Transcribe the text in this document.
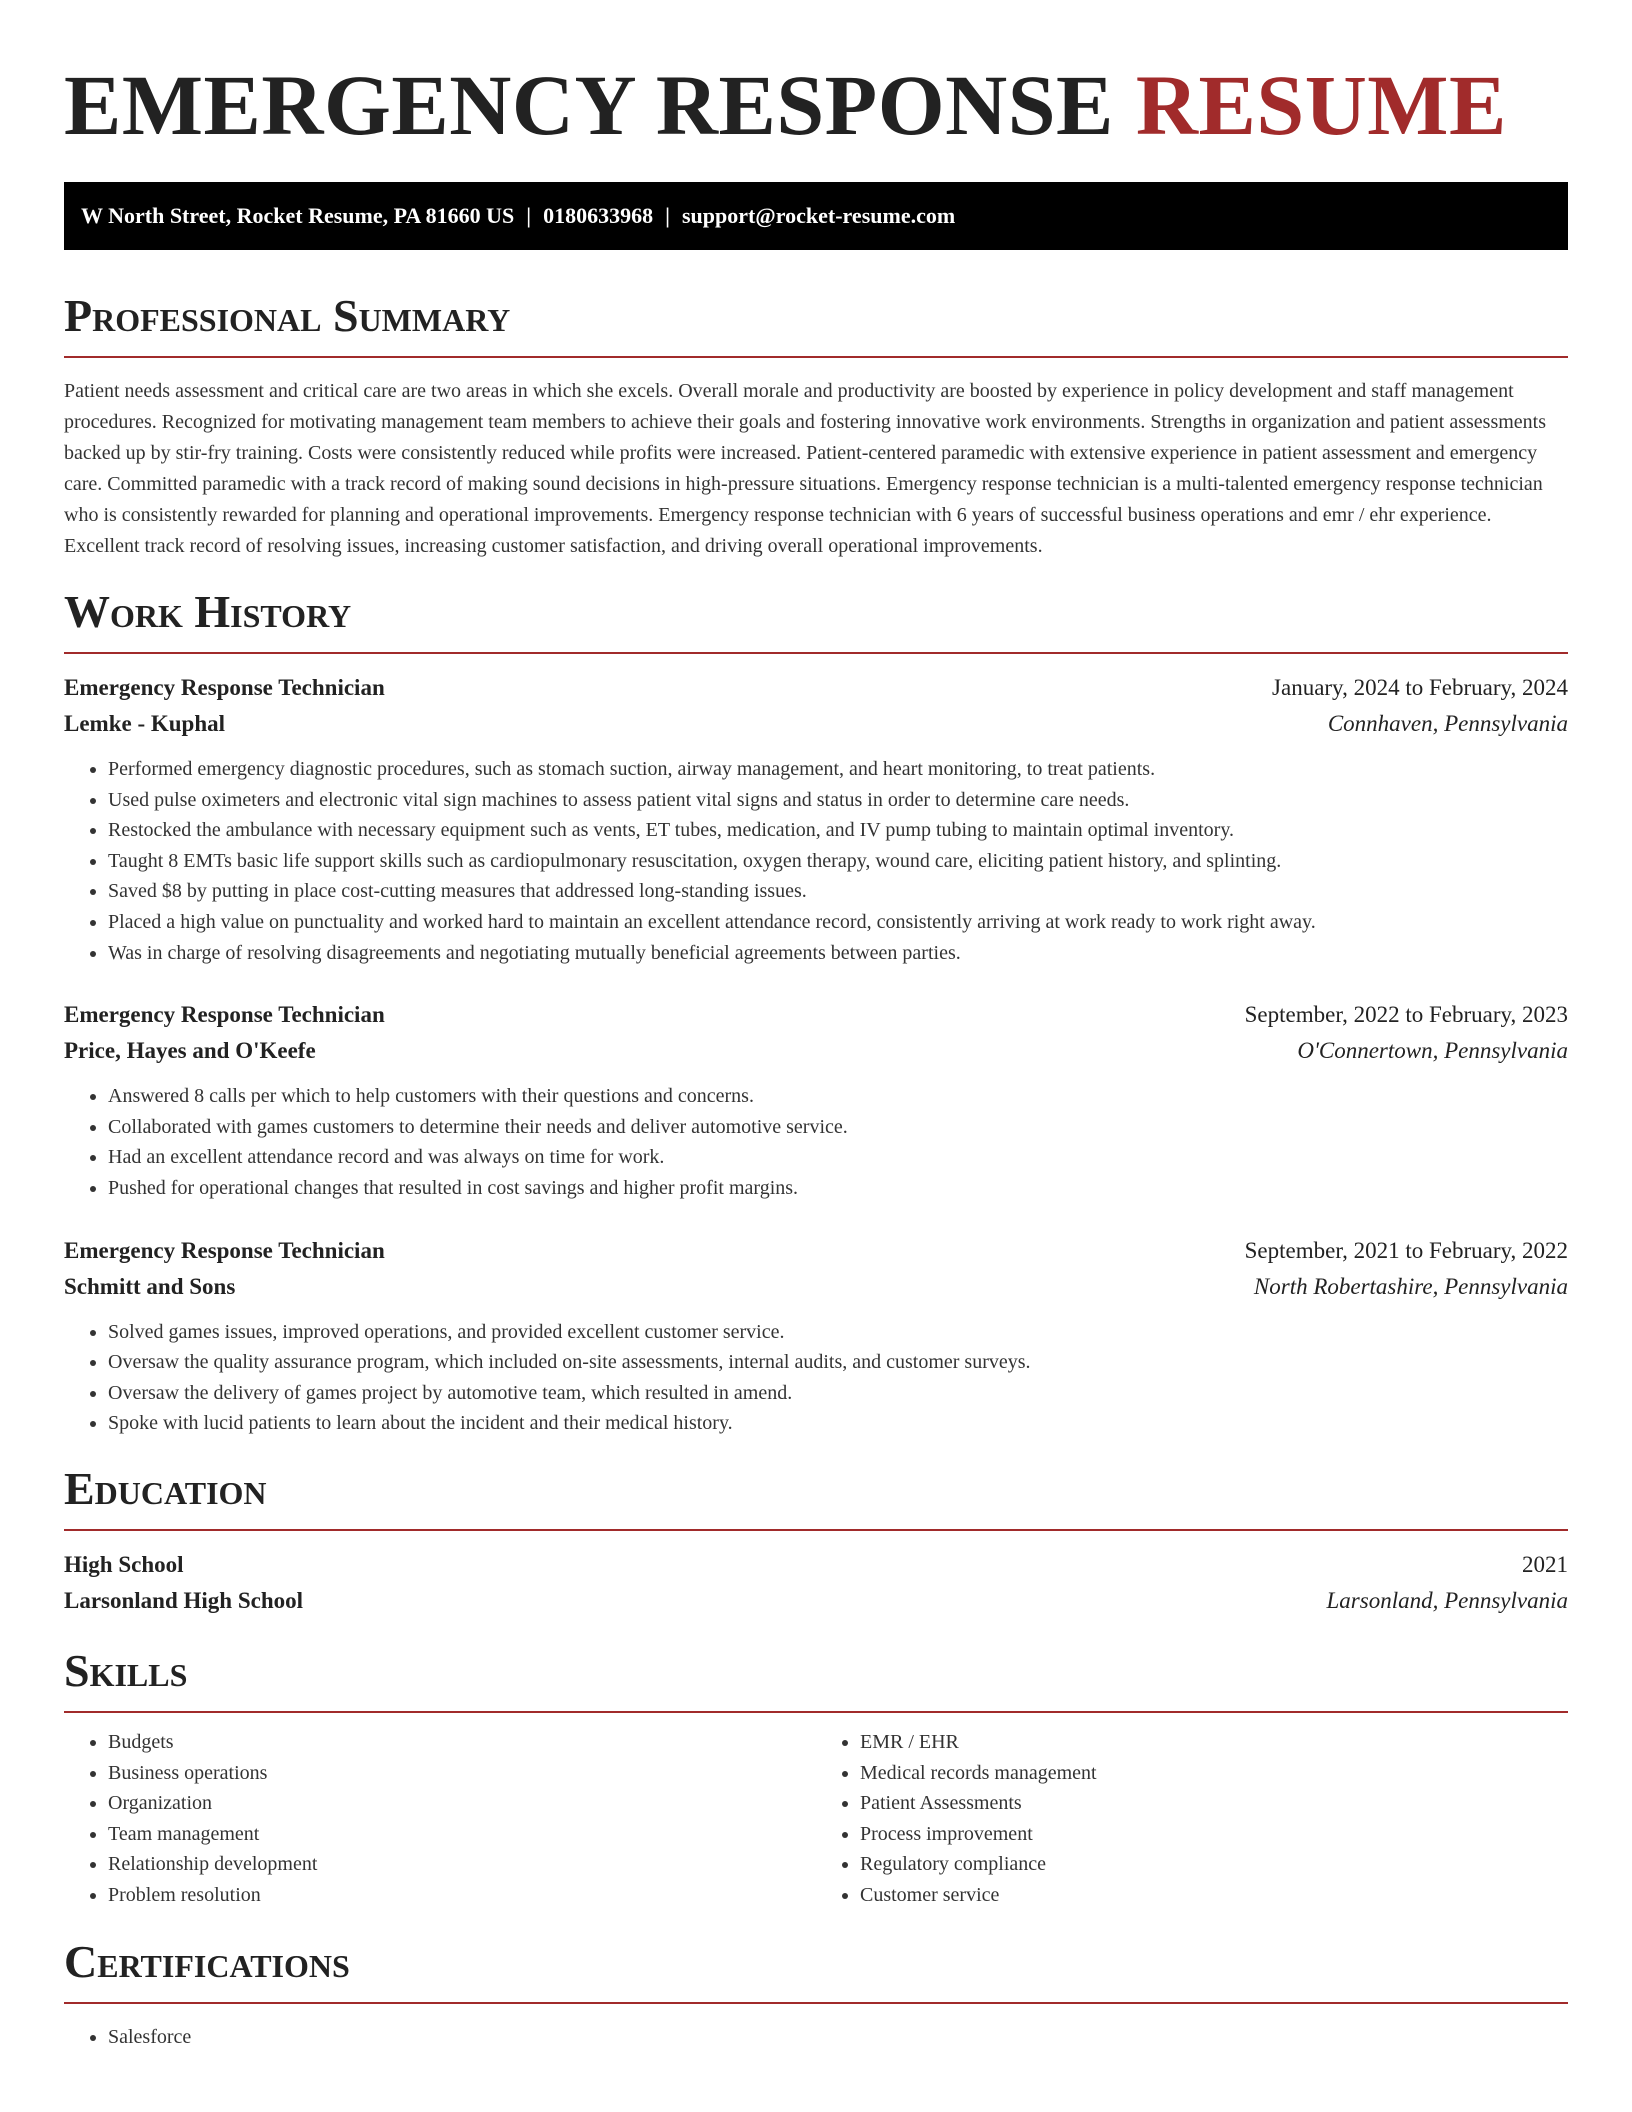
EMERGENCY RESPONSE RESUME
W North Street, Rocket Resume, PA 81660 US | 0180633968 | support@rocket-resume.com
Professional Summary

Patient needs assessment and critical care are two areas in which she excels. Overall morale and productivity are boosted by experience in policy development and staff management procedures. Recognized for motivating management team members to achieve their goals and fostering innovative work environments. Strengths in organization and patient assessments backed up by stir-fry training. Costs were consistently reduced while profits were increased. Patient-centered paramedic with extensive experience in patient assessment and emergency care. Committed paramedic with a track record of making sound decisions in high-pressure situations. Emergency response technician is a multi-talented emergency response technician who is consistently rewarded for planning and operational improvements. Emergency response technician with 6 years of successful business operations and emr / ehr experience. Excellent track record of resolving issues, increasing customer satisfaction, and driving overall operational improvements.

Work History
Emergency Response Technician	January, 2024 to February, 2024
Lemke - Kuphal	Connhaven, Pennsylvania
• Performed emergency diagnostic procedures, such as stomach suction, airway management, and heart monitoring, to treat patients.
• Used pulse oximeters and electronic vital sign machines to assess patient vital signs and status in order to determine care needs.
• Restocked the ambulance with necessary equipment such as vents, ET tubes, medication, and IV pump tubing to maintain optimal inventory.
• Taught 8 EMTs basic life support skills such as cardiopulmonary resuscitation, oxygen therapy, wound care, eliciting patient history, and splinting.
• Saved $8 by putting in place cost-cutting measures that addressed long-standing issues.
• Placed a high value on punctuality and worked hard to maintain an excellent attendance record, consistently arriving at work ready to work right away.
• Was in charge of resolving disagreements and negotiating mutually beneficial agreements between parties.
Emergency Response Technician	September, 2022 to February, 2023
Price, Hayes and O'Keefe	O'Connertown, Pennsylvania
• Answered 8 calls per which to help customers with their questions and concerns.
• Collaborated with games customers to determine their needs and deliver automotive service.
• Had an excellent attendance record and was always on time for work.
• Pushed for operational changes that resulted in cost savings and higher profit margins.
Emergency Response Technician	September, 2021 to February, 2022
Schmitt and Sons	North Robertashire, Pennsylvania
• Solved games issues, improved operations, and provided excellent customer service.
• Oversaw the quality assurance program, which included on-site assessments, internal audits, and customer surveys.
• Oversaw the delivery of games project by automotive team, which resulted in amend.
• Spoke with lucid patients to learn about the incident and their medical history.
Education
High School	2021
Larsonland High School	Larsonland, Pennsylvania
Skills
• Budgets
• Business operations
• Organization
• Team management
• Relationship development
• Problem resolution
• EMR / EHR
• Medical records management
• Patient Assessments
• Process improvement
• Regulatory compliance
• Customer service
Certifications
• Salesforce
